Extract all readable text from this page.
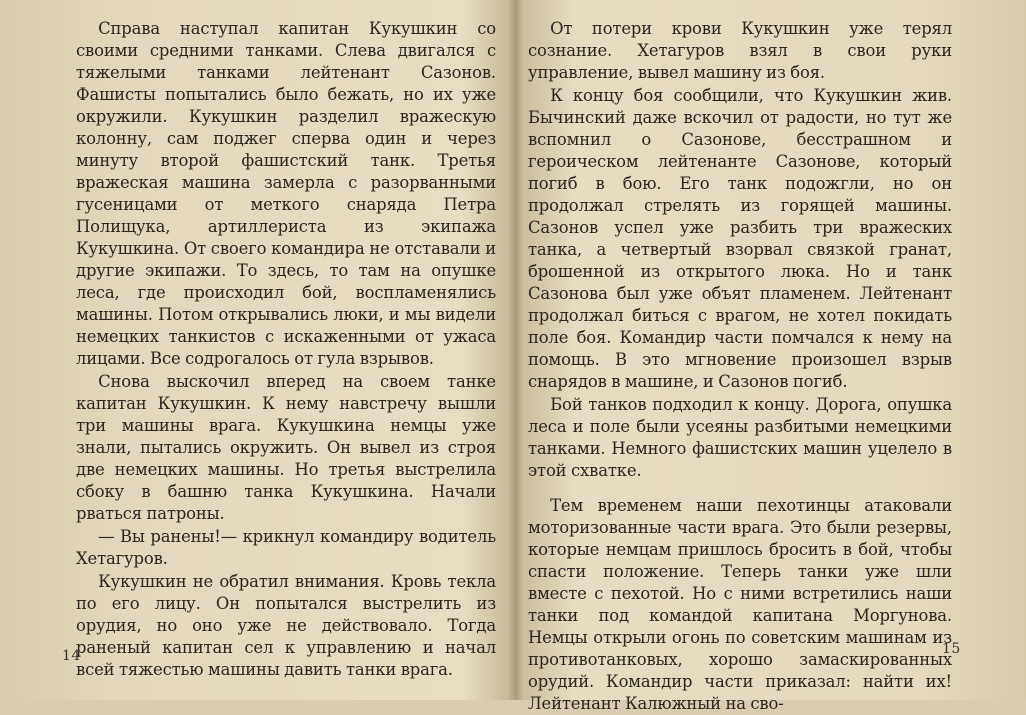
Справа наступал капитан Кукушкин со своими средними танками. Слева двигался с тяжелыми танками лейтенант Сазонов. Фашисты попытались было бежать, но их уже окружили. Кукушкин разделил вражескую колонну, сам поджег сперва один и через минуту второй фашистский танк. Третья вражеская машина замерла с разорванными гусеницами от меткого снаряда Петра Полищука, артиллериста из экипажа Кукушкина. От своего командира не отставали и другие экипажи. То здесь, то там на опушке леса, где происходил бой, воспламенялись машины. Потом открывались люки, и мы видели немецких танкистов с искаженными от ужаса лицами. Все содрогалось от гула взрывов.

Снова выскочил вперед на своем танке капитан Кукушкин. К нему навстречу вышли три машины врага. Кукушкина немцы уже знали, пытались окружить. Он вывел из строя две немецких машины. Но третья выстрелила сбоку в башню танка Кукушкина. Начали рваться патроны.

— Вы ранены!— крикнул командиру водитель Хетагуров.

Кукушкин не обратил внимания. Кровь текла по его лицу. Он попытался выстрелить из орудия, но оно уже не действовало. Тогда раненый капитан сел к управлению и начал всей тяжестью машины давить танки врага.

14

От потери крови Кукушкин уже терял сознание. Хетагуров взял в свои руки управление, вывел машину из боя.

К концу боя сообщили, что Кукушкин жив. Бычинский даже вскочил от радости, но тут же вспомнил о Сазонове, бесстрашном и героическом лейтенанте Сазонове, который погиб в бою. Его танк подожгли, но он продолжал стрелять из горящей машины. Сазонов успел уже разбить три вражеских танка, а четвертый взорвал связкой гранат, брошенной из открытого люка. Но и танк Сазонова был уже объят пламенем. Лейтенант продолжал биться с врагом, не хотел покидать поле боя. Командир части помчался к нему на помощь. В это мгновение произошел взрыв снарядов в машине, и Сазонов погиб.

Бой танков подходил к концу. Дорога, опушка леса и поле были усеяны разбитыми немецкими танками. Немного фашистских машин уцелело в этой схватке.

Тем временем наши пехотинцы атаковали моторизованные части врага. Это были резервы, которые немцам пришлось бросить в бой, чтобы спасти положение. Теперь танки уже шли вместе с пехотой. Но с ними встретились наши танки под командой капитана Моргунова. Немцы открыли огонь по советским машинам из противотанковых, хорошо замаскированных орудий. Командир части приказал: найти их! Лейтенант Калюжный на сво-

15
